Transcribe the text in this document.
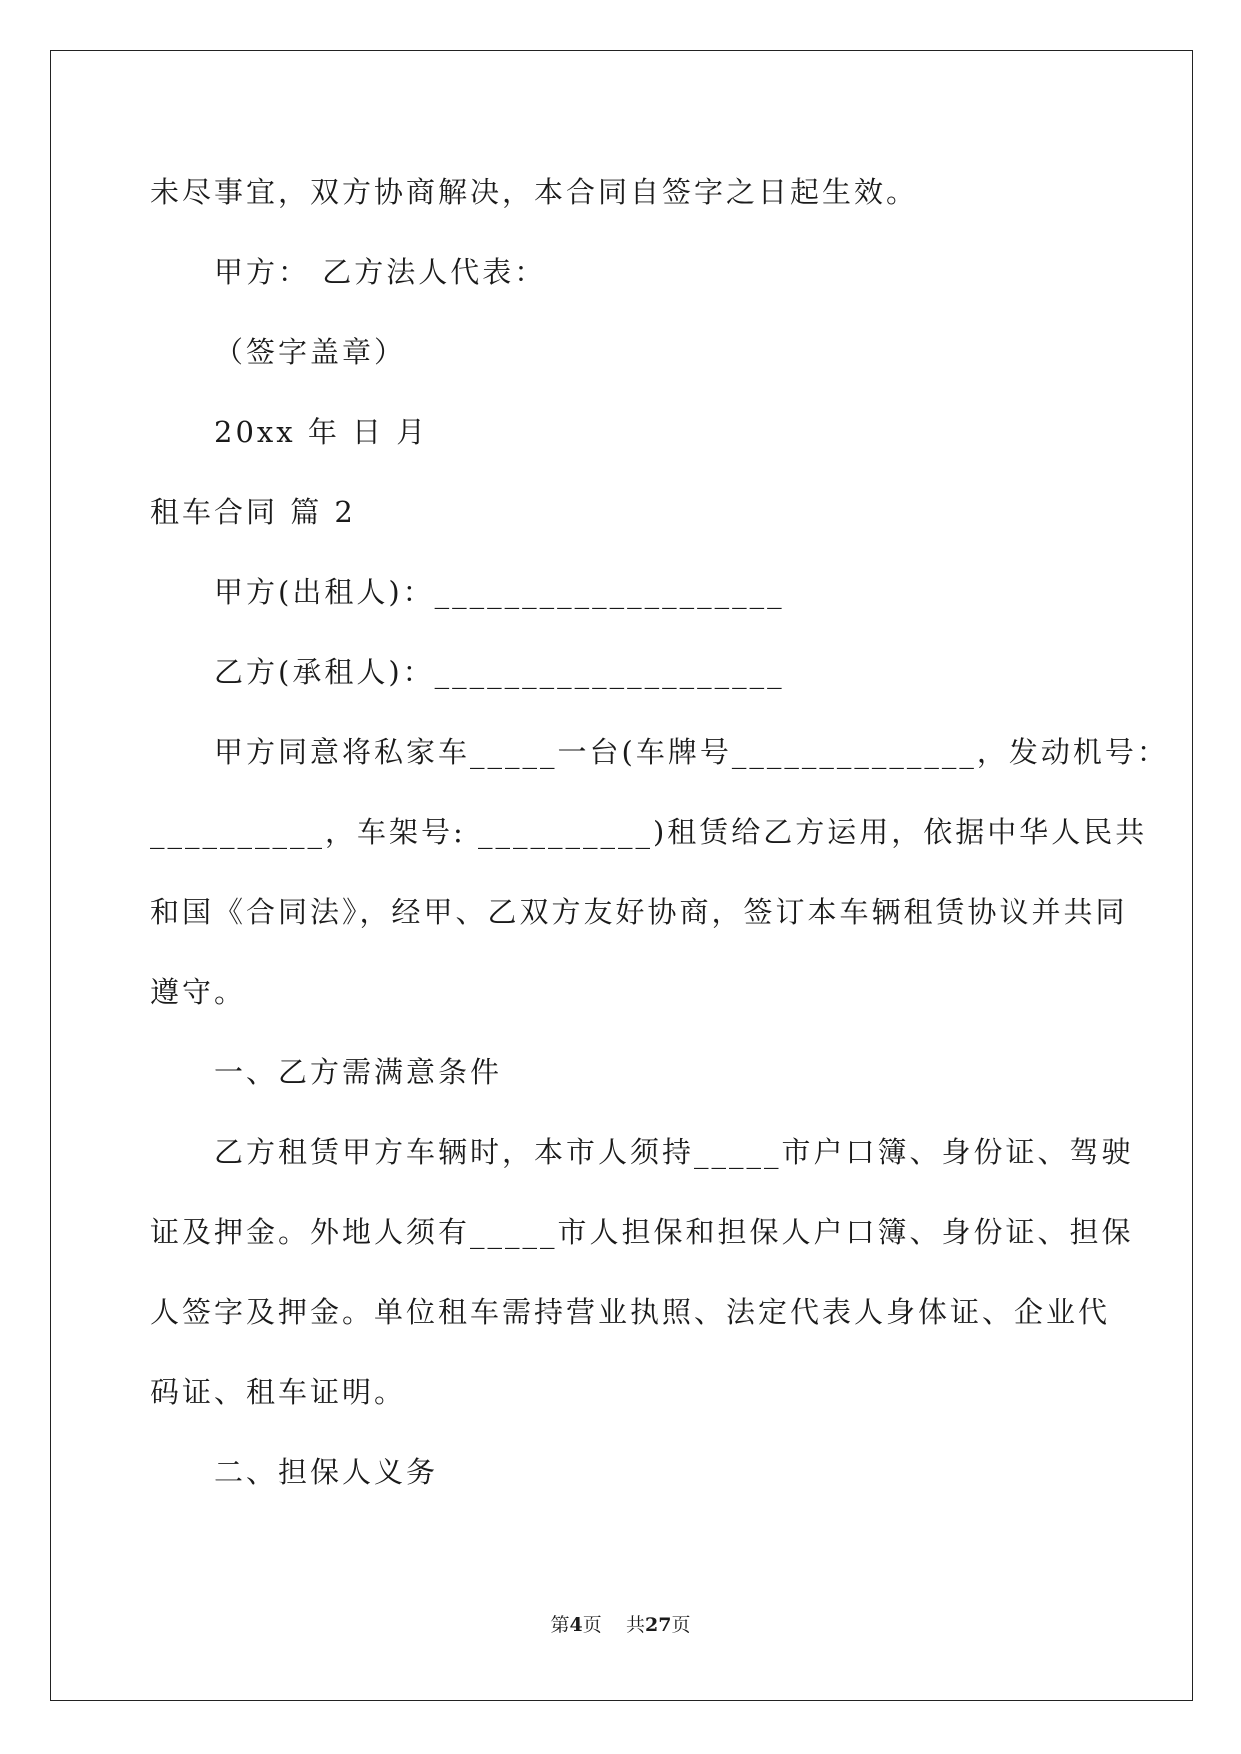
未尽事宜，双方协商解决，本合同自签字之日起生效。
甲方： 乙方法人代表：
（签字盖章）
20xx 年 日 月
租车合同 篇 2
甲方(出租人)：____________________
乙方(承租人)：____________________
甲方同意将私家车_____一台(车牌号______________，发动机号：
__________，车架号: __________)租赁给乙方运用，依据中华人民共
和国《合同法》，经甲、乙双方友好协商，签订本车辆租赁协议并共同
遵守。
一、乙方需满意条件
乙方租赁甲方车辆时，本市人须持_____市户口簿、身份证、驾驶
证及押金。外地人须有_____市人担保和担保人户口簿、身份证、担保
人签字及押金。单位租车需持营业执照、法定代表人身体证、企业代
码证、租车证明。
二、担保人义务
第4页 共27页
